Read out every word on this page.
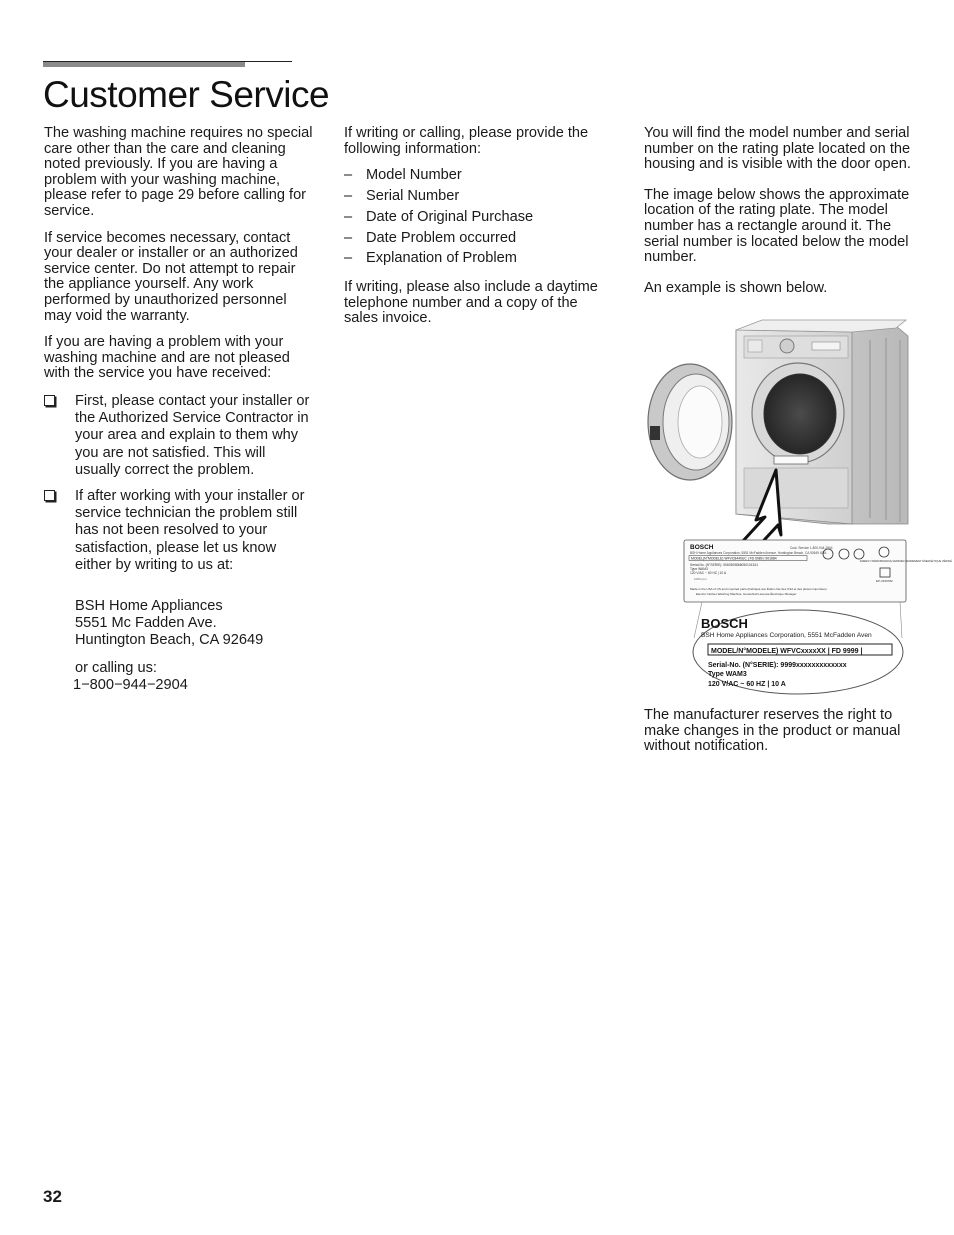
Customer Service

The washing machine requires no special care other than the care and cleaning noted previously. If you are having a problem with your washing machine, please refer to page 29 before calling for service.

If service becomes necessary, contact your dealer or installer or an authorized service center. Do not attempt to repair the appliance yourself. Any work performed by unauthorized personnel may void the warranty.

If you are having a problem with your washing machine and are not pleased with the service you have received:

First, please contact your installer or the Authorized Service Contractor in your area and explain to them why you are not satisfied. This will usually correct the problem.
If after working with your installer or service technician the problem still has not been resolved to your satisfaction, please let us know either by writing to us at:
BSH Home Appliances
5551 Mc Fadden Ave.
Huntington Beach, CA 92649
or calling us:
1−800−944−2904

If writing or calling, please provide the following information:

– Model Number
– Serial Number
– Date of Original Purchase
– Date Problem occurred
– Explanation of Problem

If writing, please also include a daytime telephone number and a copy of the sales invoice.

You will find the model number and serial number on the rating plate located on the housing and is visible with the door open.

The image below shows the approximate location of the rating plate. The model number has a rectangle around it. The serial number is located below the model number.

An example is shown below.

BOSCH	Cust. Service 1-800-944-2904
BSH Home Appliances Corporation, 5551 McFadden Avenue, Huntington Beach, CA 92649 USA
MODEL(N°MODELE) WFVC8440UC | FD 9089 | 901684
Serial-No. (N°SERIE): 5060309866050101341
Type WAM3
120 V/AC ~ 60 HZ | 10 A
1000 rpm
ENERGY PERFORMANCE VERIFIED RENDEMENT ÉNERGÉTIQUE VÉRIFIÉ
EP-3150782
Made in the USA of US and imported parts (Fabriqué aux États Unis des USA et des pièces importées)
Electric Clothes Washing Machine, Household Laveuse Électrique Ménager
BOSCH
BSH Home Appliances Corporation, 5551 McFadden Aven
MODEL/N°MODELE) WFVCxxxxXX | FD 9999 |
Serial-No. (N°SERIE): 9999xxxxxxxxxxxxx
Type WAM3
120 V/AC ~ 60 HZ | 10 A
The manufacturer reserves the right to make changes in the product or manual without notification.
32
